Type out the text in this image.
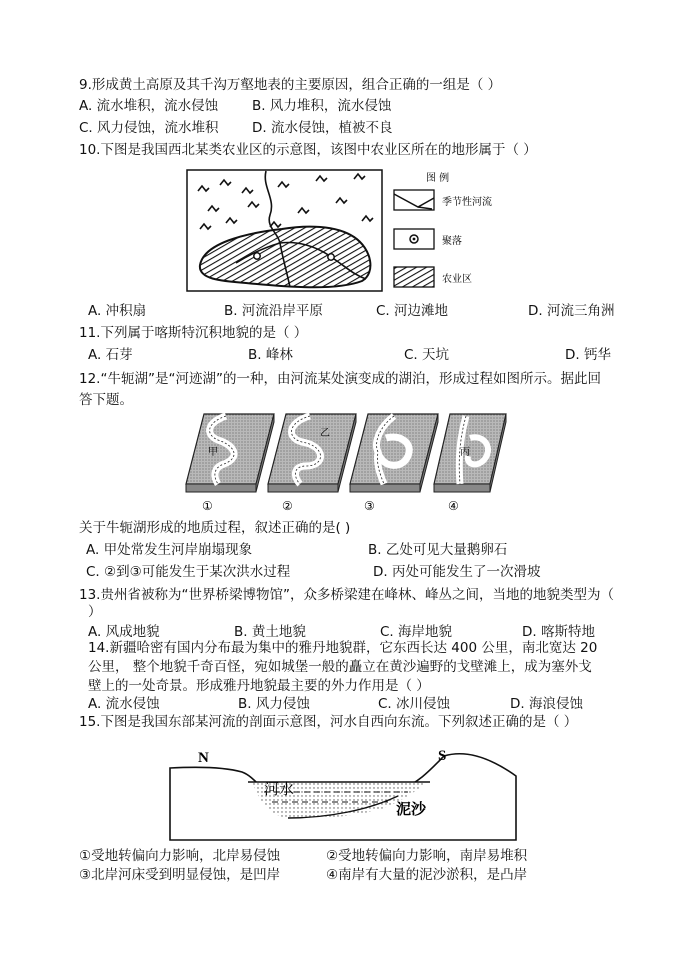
9.形成黄土高原及其千沟万壑地表的主要原因，组合正确的一组是（ ）
A. 流水堆积，流水侵蚀	B. 风力堆积，流水侵蚀
C. 风力侵蚀，流水堆积 D. 流水侵蚀，植被不良
10.下图是我国西北某类农业区的示意图，该图中农业区所在的地形属于（ ）
图 例
季节性河流
聚落
农业区
A. 冲积扇	B. 河流沿岸平原	C. 河边滩地	D. 河流三角洲
11.下列属于喀斯特沉积地貌的是（ ）
A. 石芽	B. 峰林	C. 天坑	D. 钙华
12.“牛轭湖”是“河迹湖”的一种，由河流某处演变成的湖泊，形成过程如图所示。据此回
答下题。
甲
乙
丙
①	②	③	④
关于牛轭湖形成的地质过程，叙述正确的是( )
A. 甲处常发生河岸崩塌现象	B. 乙处可见大量鹅卵石
C. ②到③可能发生于某次洪水过程	D. 丙处可能发生了一次滑坡
13.贵州省被称为“世界桥梁博物馆”，众多桥梁建在峰林、峰丛之间，当地的地貌类型为（
）
A. 风成地貌	B. 黄土地貌	C. 海岸地貌	D. 喀斯特地
14.新疆哈密有国内分布最为集中的雅丹地貌群，它东西长达 400 公里，南北宽达 20
公里， 整个地貌千奇百怪，宛如城堡一般的矗立在黄沙遍野的戈壁滩上，成为塞外戈
壁上的一处奇景。形成雅丹地貌最主要的外力作用是（ ）
A. 流水侵蚀	B. 风力侵蚀	C. 冰川侵蚀	D. 海浪侵蚀
15.下图是我国东部某河流的剖面示意图，河水自西向东流。下列叙述正确的是（ ）
N	S
河水
泥沙
①受地转偏向力影响，北岸易侵蚀	②受地转偏向力影响，南岸易堆积
③北岸河床受到明显侵蚀，是凹岸	④南岸有大量的泥沙淤积，是凸岸
